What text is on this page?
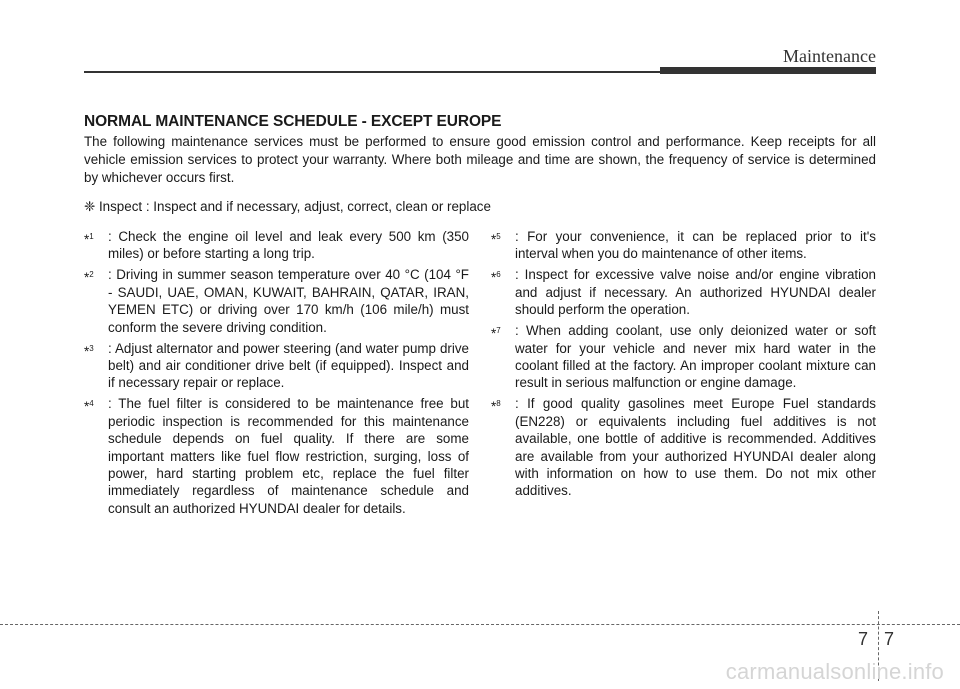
Maintenance
NORMAL MAINTENANCE SCHEDULE - EXCEPT EUROPE
The following maintenance services must be performed to ensure good emission control and performance. Keep receipts for all vehicle emission services to protect your warranty. Where both mileage and time are shown, the frequency of service is determined by whichever occurs first.
❈ Inspect : Inspect and if necessary, adjust, correct, clean or replace
*$^1$ : Check the engine oil level and leak every 500 km (350 miles) or before starting a long trip.
*$^2$ : Driving in summer season temperature over 40 °C (104 °F - SAUDI, UAE, OMAN, KUWAIT, BAHRAIN, QATAR, IRAN, YEMEN ETC) or driving over 170 km/h (106 mile/h) must conform the severe driving condition.
*$^3$ : Adjust alternator and power steering (and water pump drive belt) and air conditioner drive belt (if equipped). Inspect and if necessary repair or replace.
*$^4$ : The fuel filter is considered to be maintenance free but periodic inspection is recommended for this maintenance schedule depends on fuel quality. If there are some important matters like fuel flow restriction, surging, loss of power, hard starting problem etc, replace the fuel filter immediately regardless of maintenance schedule and consult an authorized HYUNDAI dealer for details.
*$^5$ : For your convenience, it can be replaced prior to it's interval when you do maintenance of other items.
*$^6$ : Inspect for excessive valve noise and/or engine vibration and adjust if necessary. An authorized HYUNDAI dealer should perform the operation.
*$^7$ : When adding coolant, use only deionized water or soft water for your vehicle and never mix hard water in the coolant filled at the factory. An improper coolant mixture can result in serious malfunction or engine damage.
*$^8$ : If good quality gasolines meet Europe Fuel standards (EN228) or equivalents including fuel additives is not available, one bottle of additive is recommended. Additives are available from your authorized HYUNDAI dealer along with information on how to use them. Do not mix other additives.
7 7
carmanualsonline.info
